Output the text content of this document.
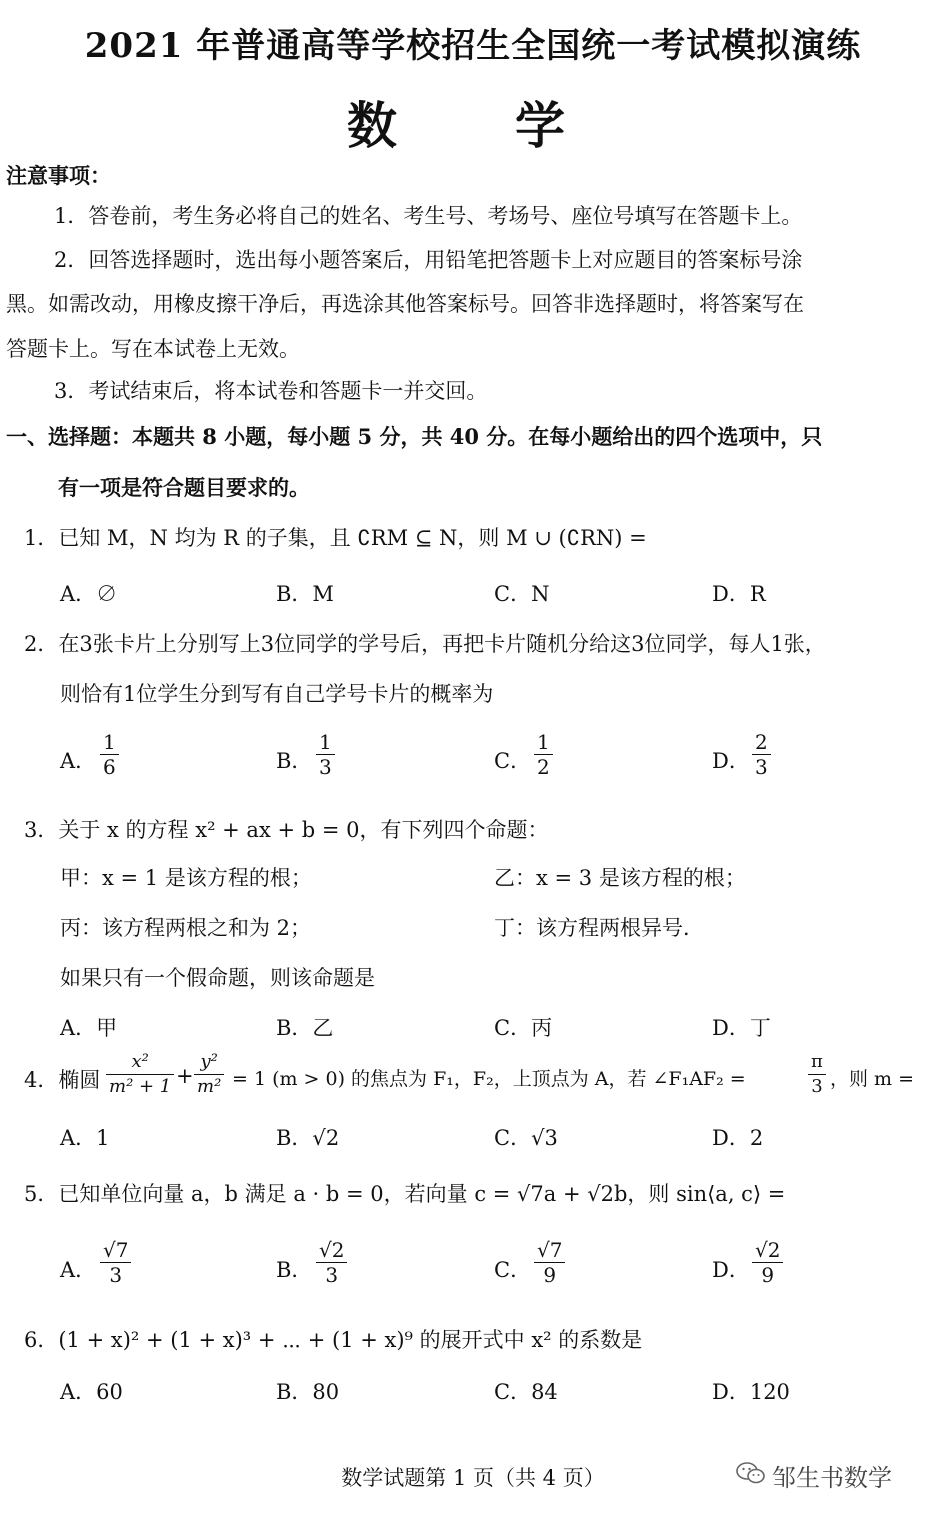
2021 年普通高等学校招生全国统一考试模拟演练
数　学
注意事项：
1．答卷前，考生务必将自己的姓名、考生号、考场号、座位号填写在答题卡上。
2．回答选择题时，选出每小题答案后，用铅笔把答题卡上对应题目的答案标号涂
黑。如需改动，用橡皮擦干净后，再选涂其他答案标号。回答非选择题时，将答案写在
答题卡上。写在本试卷上无效。
3．考试结束后，将本试卷和答题卡一并交回。
一、选择题：本题共 8 小题，每小题 5 分，共 40 分。在每小题给出的四个选项中，只
有一项是符合题目要求的。
1．已知 M，N 均为 R 的子集，且 ∁RM ⊆ N，则 M ∪ (∁RN) =
A．∅	B．M	C．N	D．R
2．在3张卡片上分别写上3位同学的学号后，再把卡片随机分给这3位同学，每人1张，
则恰有1位学生分到写有自己学号卡片的概率为
A．
1
6	B．
1
3	C．
1
2	D．
2
3
3．关于 x 的方程 x² + ax + b = 0，有下列四个命题：
甲：x = 1 是该方程的根；	乙：x = 3 是该方程的根；
丙：该方程两根之和为 2；	丁：该方程两根异号．
如果只有一个假命题，则该命题是
A．甲	B．乙	C．丙	D．丁
4．椭圆
x²
m² + 1 +
y²
m² = 1 (m > 0) 的焦点为 F₁，F₂，上顶点为 A，若 ∠F₁AF₂ =
π
3 ，则 m =
A．1	B．√2	C．√3	D．2
5．已知单位向量 a，b 满足 a · b = 0，若向量 c = √7a + √2b，则 sin⟨a, c⟩ =
A．
√7
3	B．
√2
3	C．
√7
9	D．
√2
9
6．(1 + x)² + (1 + x)³ + ⋯ + (1 + x)⁹ 的展开式中 x² 的系数是
A．60	B．80	C．84	D．120
数学试题第 1 页（共 4 页）	邹生书数学
